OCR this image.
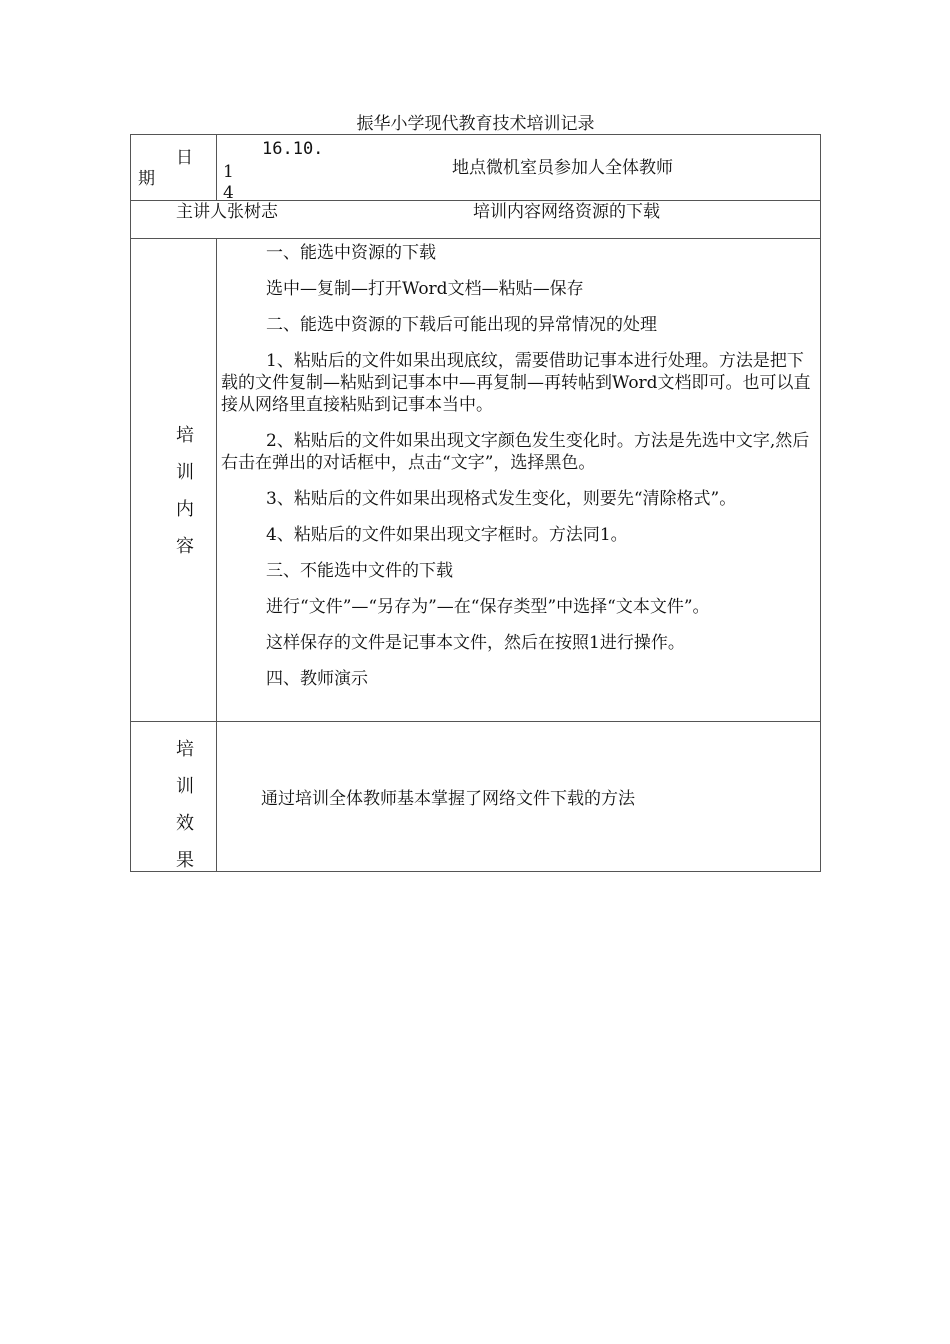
振华小学现代教育技术培训记录
日
期
16.10.
1
4
地点微机室员参加人全体教师
主讲人张树志	培训内容网络资源的下载
培
训
内
容

一、能选中资源的下载

选中—复制—打开Word文档—粘贴—保存

二、能选中资源的下载后可能出现的异常情况的处理

1、粘贴后的文件如果出现底纹，需要借助记事本进行处理。方法是把下载的文件复制—粘贴到记事本中—再复制—再转帖到Word文档即可。也可以直接从网络里直接粘贴到记事本当中。

2、粘贴后的文件如果出现文字颜色发生变化时。方法是先选中文字,然后右击在弹出的对话框中，点击“文字”，选择黑色。

3、粘贴后的文件如果出现格式发生变化，则要先“清除格式”。

4、粘贴后的文件如果出现文字框时。方法同1。

三、不能选中文件的下载

进行“文件”—“另存为”—在“保存类型”中选择“文本文件”。

这样保存的文件是记事本文件，然后在按照1进行操作。

四、教师演示

培
训
效
果
通过培训全体教师基本掌握了网络文件下载的方法
